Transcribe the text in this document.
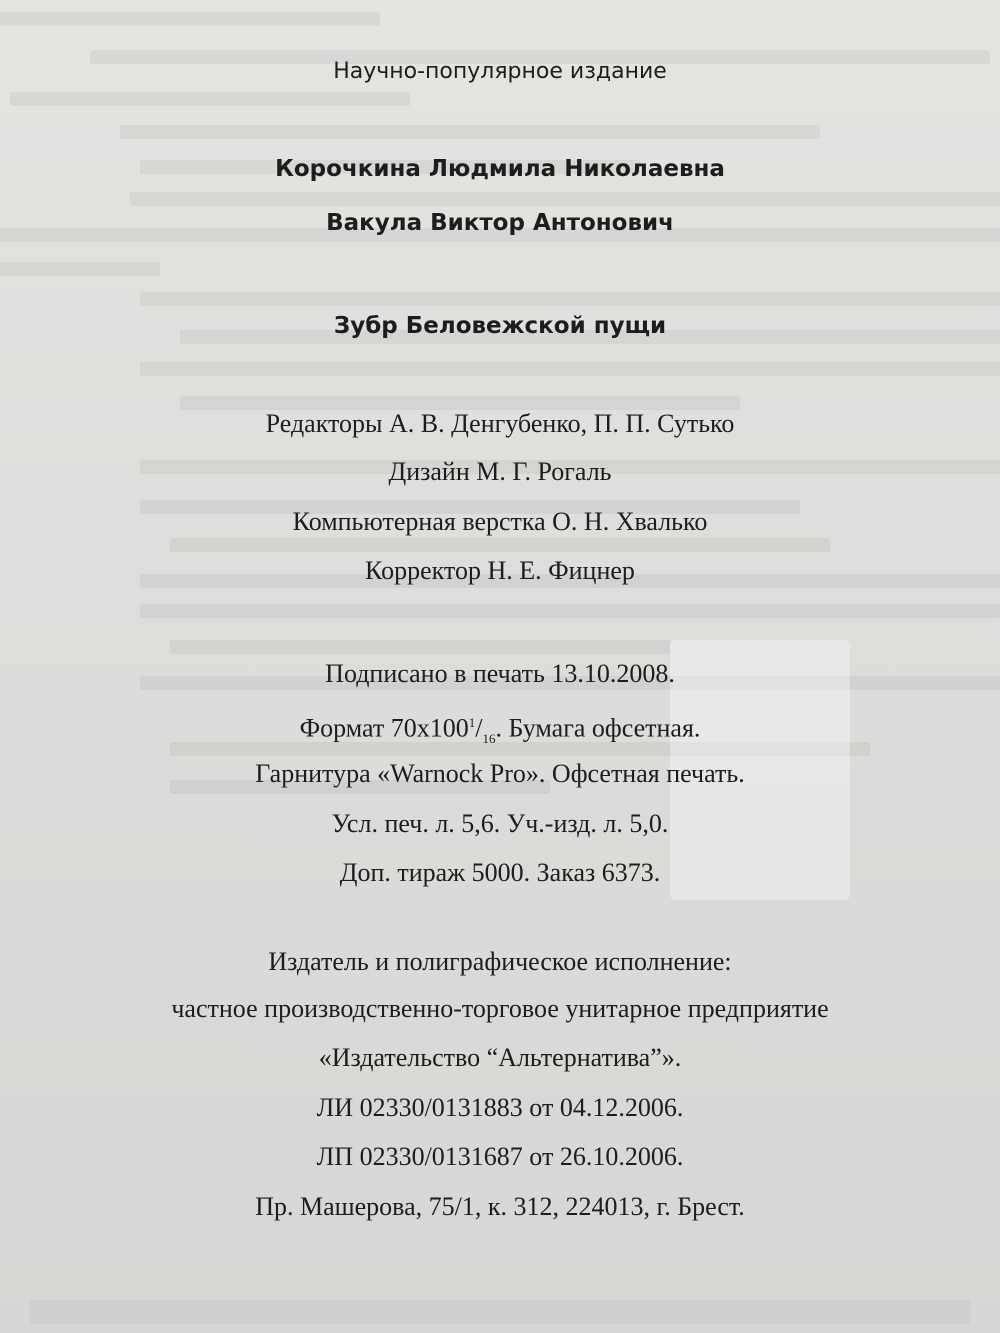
Научно-популярное издание
Корочкина Людмила Николаевна
Вакула Виктор Антонович
Зубр Беловежской пущи
Редакторы А. В. Денгубенко, П. П. Сутько
Дизайн М. Г. Рогаль
Компьютерная верстка О. Н. Хвалько
Корректор Н. Е. Фицнер
Подписано в печать 13.10.2008.
Формат $70х100^1/_{16}$. Бумага офсетная.
Гарнитура «Warnock Pro». Офсетная печать.
Усл. печ. л. 5,6. Уч.-изд. л. 5,0.
Доп. тираж 5000. Заказ 6373.
Издатель и полиграфическое исполнение:
частное производственно-торговое унитарное предприятие
«Издательство “Альтернатива”».
ЛИ 02330/0131883 от 04.12.2006.
ЛП 02330/0131687 от 26.10.2006.
Пр. Машерова, 75/1, к. 312, 224013, г. Брест.
